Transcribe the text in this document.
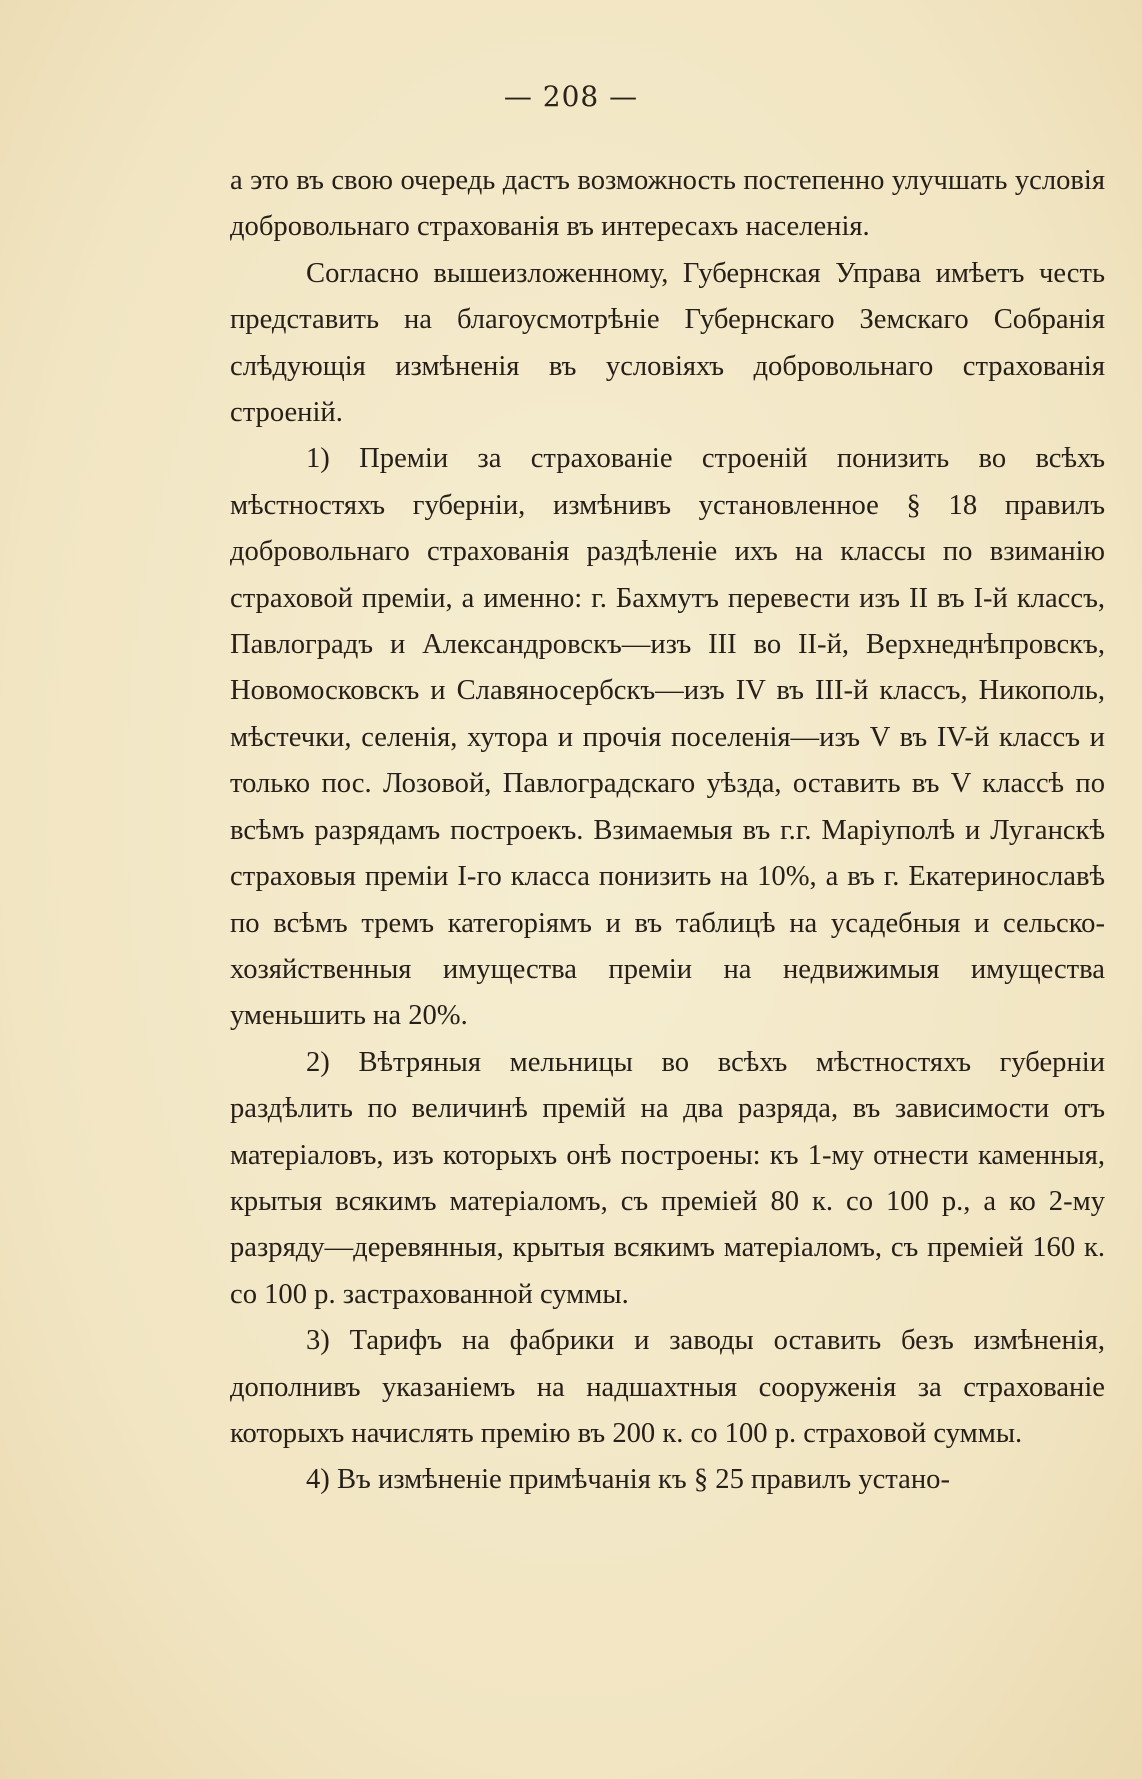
— 208 —

а это въ свою очередь дастъ возможность постепенно улучшать условія добровольнаго страхованія въ интересахъ населенія.

Согласно вышеизложенному, Губернская Управа имѣетъ честь представить на благоусмотрѣніе Губернскаго Земскаго Собранія слѣдующія измѣненія въ условіяхъ добровольнаго страхованія строеній.

1) Преміи за страхованіе строеній понизить во всѣхъ мѣстностяхъ губерніи, измѣнивъ установленное § 18 правилъ добровольнаго страхованія раздѣленіе ихъ на классы по взиманію страховой преміи, а именно: г. Бахмутъ перевести изъ II въ I-й классъ, Павлоградъ и Александровскъ—изъ III во II-й, Верхнеднѣпровскъ, Новомосковскъ и Славяносербскъ—изъ IV въ III-й классъ, Никополь, мѣстечки, селенія, хутора и прочія поселенія—изъ V въ IV-й классъ и только пос. Лозовой, Павлоградскаго уѣзда, оставить въ V классѣ по всѣмъ разрядамъ построекъ. Взимаемыя въ г.г. Маріуполѣ и Луганскѣ страховыя преміи I-го класса понизить на 10%, а въ г. Екатеринославѣ по всѣмъ тремъ категоріямъ и въ таблицѣ на усадебныя и сельско-хозяйственныя имущества преміи на недвижимыя имущества уменьшить на 20%.

2) Вѣтряныя мельницы во всѣхъ мѣстностяхъ губерніи раздѣлить по величинѣ премій на два разряда, въ зависимости отъ матеріаловъ, изъ которыхъ онѣ построены: къ 1-му отнести каменныя, крытыя всякимъ матеріаломъ, съ преміей 80 к. со 100 р., а ко 2-му разряду—деревянныя, крытыя всякимъ матеріаломъ, съ преміей 160 к. со 100 р. застрахованной суммы.

3) Тарифъ на фабрики и заводы оставить безъ измѣненія, дополнивъ указаніемъ на надшахтныя сооруженія за страхованіе которыхъ начислять премію въ 200 к. со 100 р. страховой суммы.

4) Въ измѣненіе примѣчанія къ § 25 правилъ устано-
